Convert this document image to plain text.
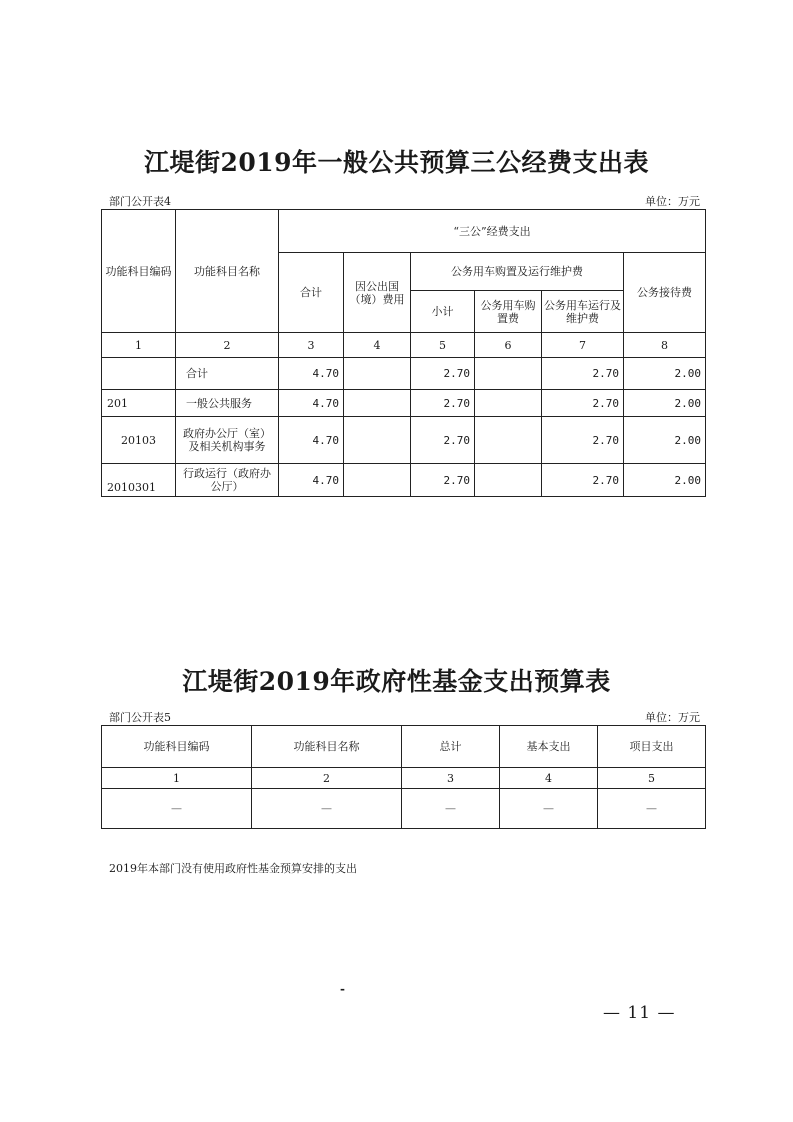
江堤街2019年一般公共预算三公经费支出表
部门公开表4	单位：万元
功能科目编码	功能科目名称	“三公”经费支出					
		合计	因公出国（境）费用	公务用车购置及运行维护费			公务接待费
				小计	公务用车购置费	公务用车运行及维护费	
1	2	3	4	5	6	7	8
	合计	4.70		2.70		2.70	2.00
201	一般公共服务	4.70		2.70		2.70	2.00
20103	政府办公厅（室）及相关机构事务	4.70		2.70		2.70	2.00
2010301	行政运行（政府办公厅）	4.70		2.70		2.70	2.00
江堤街2019年政府性基金支出预算表
部门公开表5	单位：万元
功能科目编码	功能科目名称	总计	基本支出	项目支出
1	2	3	4	5
—	—	—	—	—
2019年本部门没有使用政府性基金预算安排的支出
-
— 11 —
